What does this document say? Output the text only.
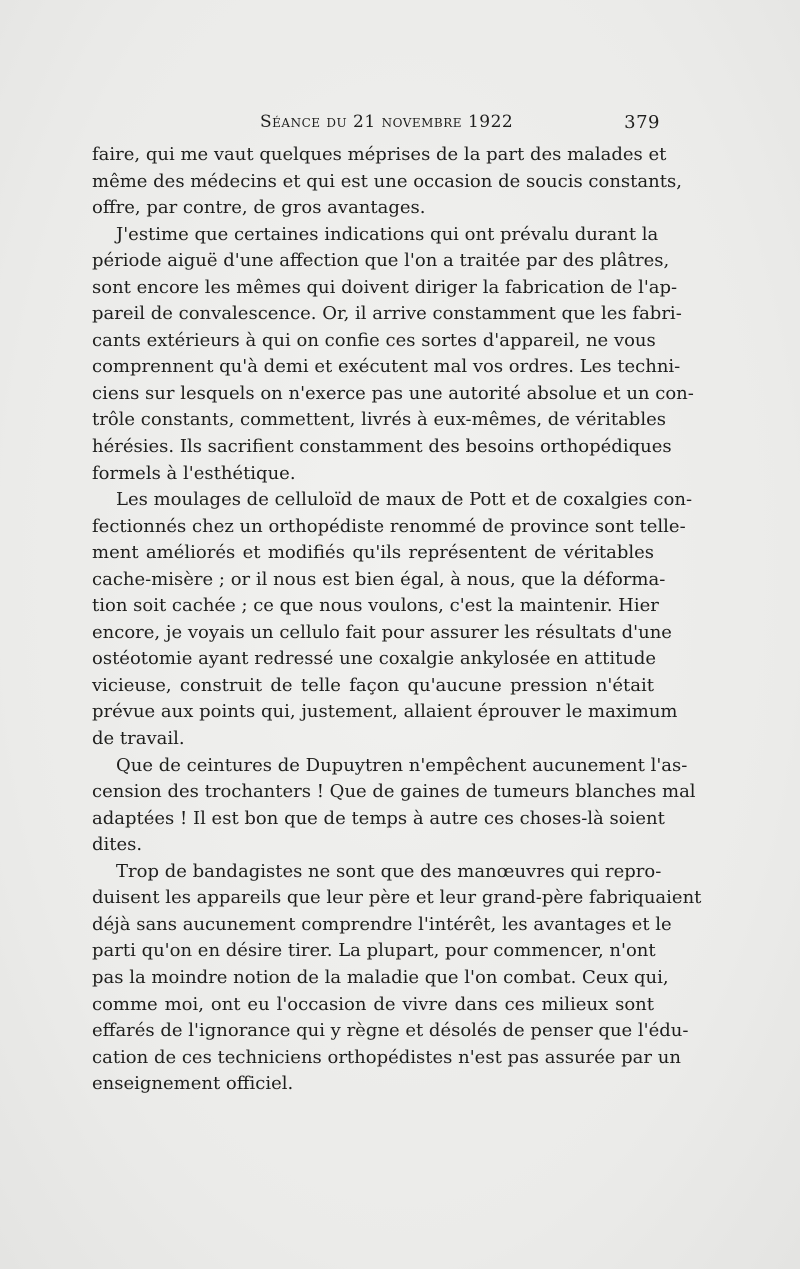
Séance du 21 novembre 1922	379
faire, qui me vaut quelques méprises de la part des malades et
même des médecins et qui est une occasion de soucis constants,
offre, par contre, de gros avantages.
J'estime que certaines indications qui ont prévalu durant la
période aiguë d'une affection que l'on a traitée par des plâtres,
sont encore les mêmes qui doivent diriger la fabrication de l'ap-
pareil de convalescence. Or, il arrive constamment que les fabri-
cants extérieurs à qui on confie ces sortes d'appareil, ne vous
comprennent qu'à demi et exécutent mal vos ordres. Les techni-
ciens sur lesquels on n'exerce pas une autorité absolue et un con-
trôle constants, commettent, livrés à eux-mêmes, de véritables
hérésies. Ils sacrifient constamment des besoins orthopédiques
formels à l'esthétique.
Les moulages de celluloïd de maux de Pott et de coxalgies con-
fectionnés chez un orthopédiste renommé de province sont telle-
ment améliorés et modifiés qu'ils représentent de véritables
cache-misère ; or il nous est bien égal, à nous, que la déforma-
tion soit cachée ; ce que nous voulons, c'est la maintenir. Hier
encore, je voyais un cellulo fait pour assurer les résultats d'une
ostéotomie ayant redressé une coxalgie ankylosée en attitude
vicieuse, construit de telle façon qu'aucune pression n'était
prévue aux points qui, justement, allaient éprouver le maximum
de travail.
Que de ceintures de Dupuytren n'empêchent aucunement l'as-
cension des trochanters ! Que de gaines de tumeurs blanches mal
adaptées ! Il est bon que de temps à autre ces choses-là soient
dites.
Trop de bandagistes ne sont que des manœuvres qui repro-
duisent les appareils que leur père et leur grand-père fabriquaient
déjà sans aucunement comprendre l'intérêt, les avantages et le
parti qu'on en désire tirer. La plupart, pour commencer, n'ont
pas la moindre notion de la maladie que l'on combat. Ceux qui,
comme moi, ont eu l'occasion de vivre dans ces milieux sont
effarés de l'ignorance qui y règne et désolés de penser que l'édu-
cation de ces techniciens orthopédistes n'est pas assurée par un
enseignement officiel.
